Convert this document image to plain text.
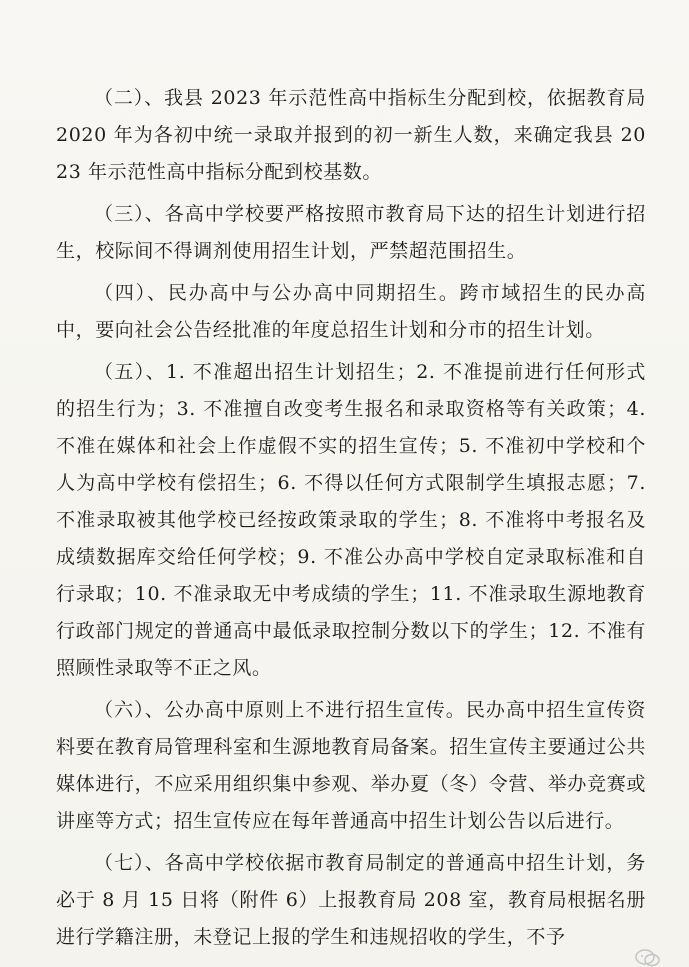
（二）、我县 2023 年示范性高中指标生分配到校，依据教育局 2020 年为各初中统一录取并报到的初一新生人数，来确定我县 2023 年示范性高中指标分配到校基数。

（三）、各高中学校要严格按照市教育局下达的招生计划进行招生，校际间不得调剂使用招生计划，严禁超范围招生。

（四）、民办高中与公办高中同期招生。跨市域招生的民办高中，要向社会公告经批准的年度总招生计划和分市的招生计划。

（五）、1. 不准超出招生计划招生；2. 不准提前进行任何形式的招生行为；3. 不准擅自改变考生报名和录取资格等有关政策；4. 不准在媒体和社会上作虚假不实的招生宣传；5. 不准初中学校和个人为高中学校有偿招生；6. 不得以任何方式限制学生填报志愿；7. 不准录取被其他学校已经按政策录取的学生；8. 不准将中考报名及成绩数据库交给任何学校；9. 不准公办高中学校自定录取标准和自行录取；10. 不准录取无中考成绩的学生；11. 不准录取生源地教育行政部门规定的普通高中最低录取控制分数以下的学生；12. 不准有照顾性录取等不正之风。

（六）、公办高中原则上不进行招生宣传。民办高中招生宣传资料要在教育局管理科室和生源地教育局备案。招生宣传主要通过公共媒体进行，不应采用组织集中参观、举办夏（冬）令营、举办竞赛或讲座等方式；招生宣传应在每年普通高中招生计划公告以后进行。

（七）、各高中学校依据市教育局制定的普通高中招生计划，务必于 8 月 15 日将（附件 6）上报教育局 208 室，教育局根据名册进行学籍注册，未登记上报的学生和违规招收的学生，不予
